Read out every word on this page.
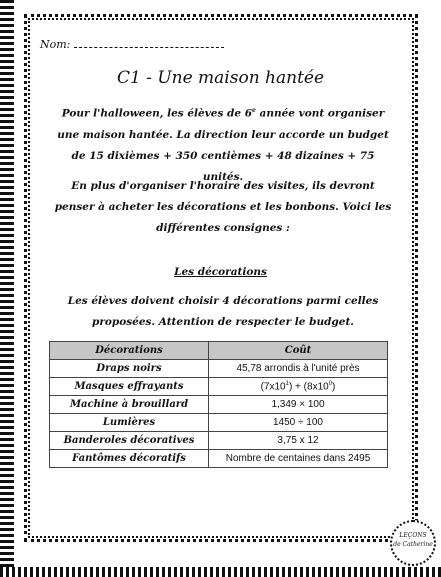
Nom:
C1 - Une maison hantée
Pour l'halloween, les élèves de 6e année vont organiser une maison hantée. La direction leur accorde un budget de 15 dixièmes + 350 centièmes + 48 dizaines + 75 unités.
En plus d'organiser l'horaire des visites, ils devront penser à acheter les décorations et les bonbons. Voici les différentes consignes :
Les décorations
Les élèves doivent choisir 4 décorations parmi celles proposées. Attention de respecter le budget.
Décorations	Coût
Draps noirs	45,78 arrondis à l'unité près
Masques effrayants	$(7x10^1) + (8x10^0)$
Machine à brouillard	1,349 × 100
Lumières	1450 ÷ 100
Banderoles décoratives	3,75 x 12
Fantômes décoratifs	Nombre de centaines dans 2495
LEÇONS
de Catherine
